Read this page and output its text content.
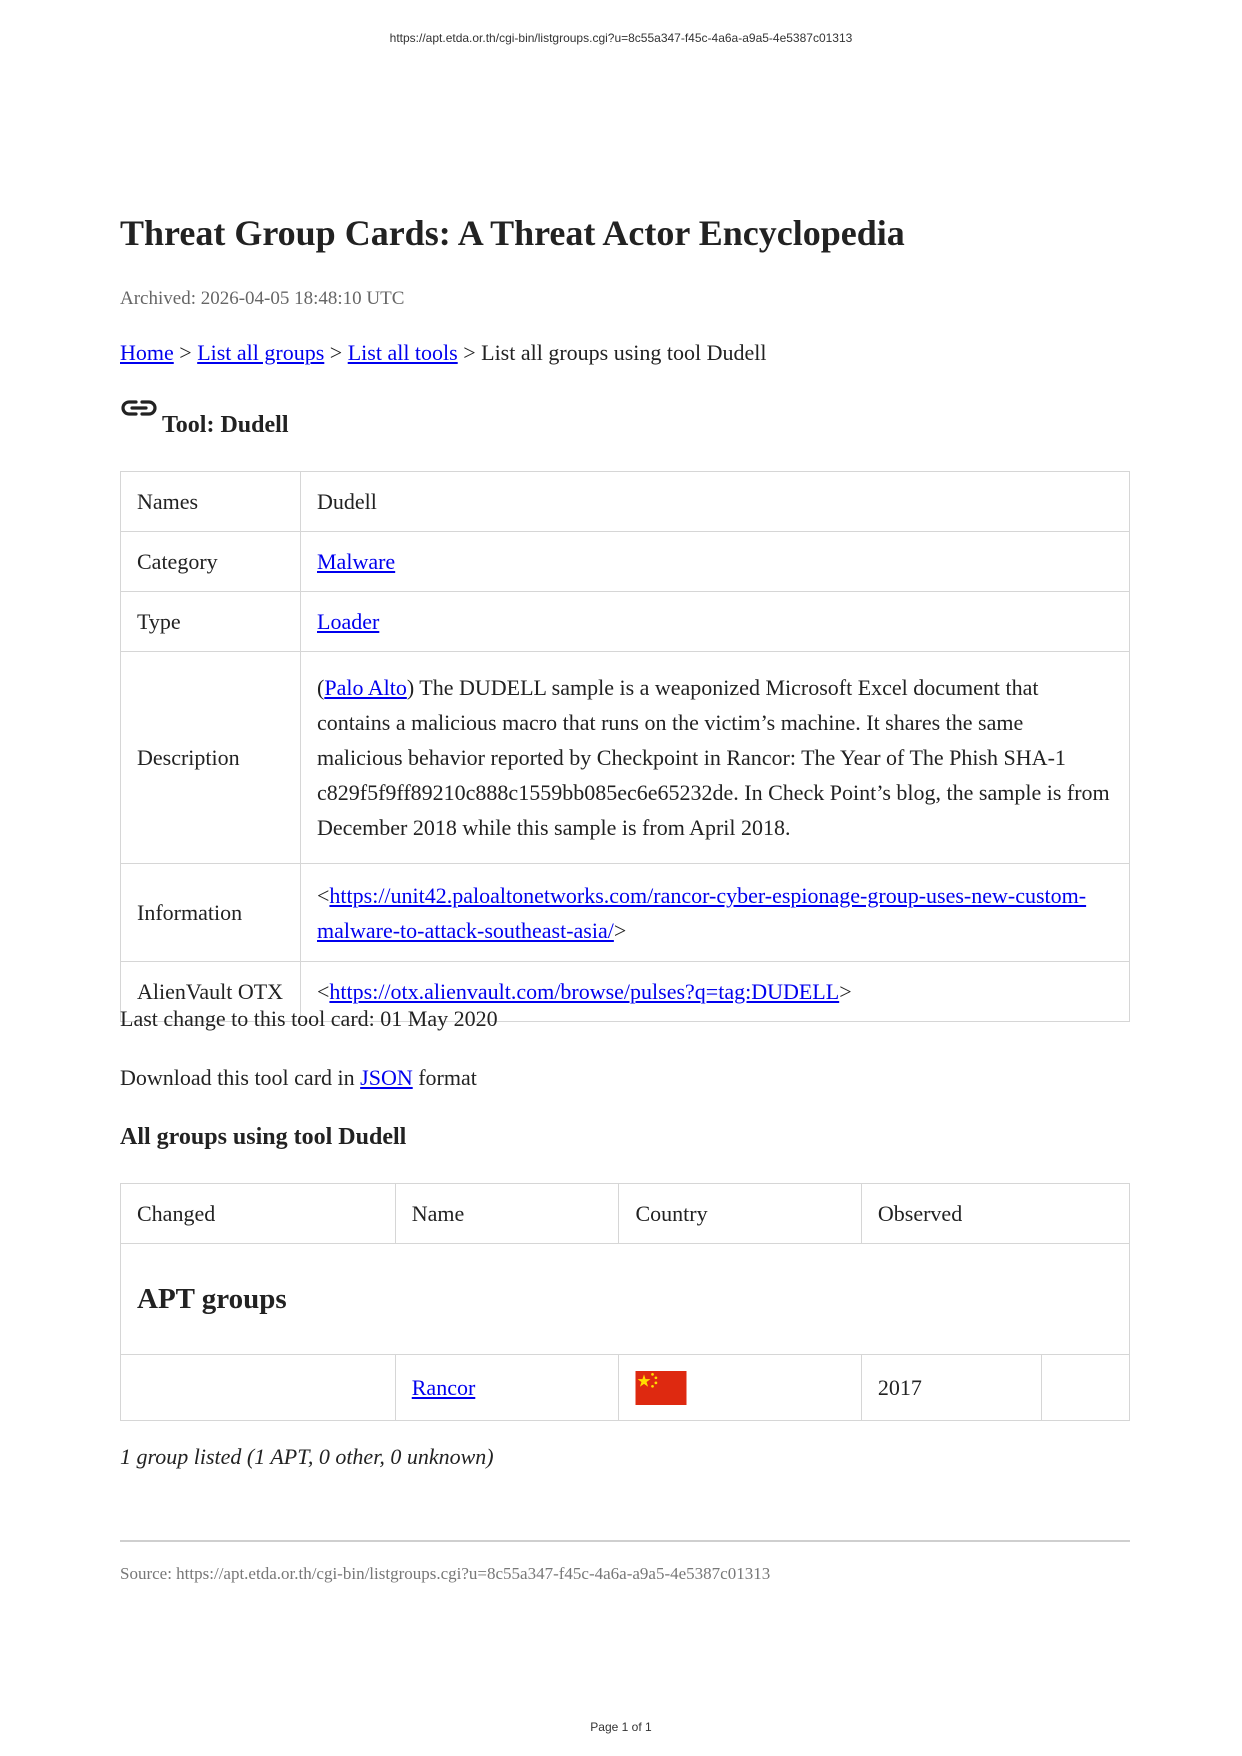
https://apt.etda.or.th/cgi-bin/listgroups.cgi?u=8c55a347-f45c-4a6a-a9a5-4e5387c01313
Threat Group Cards: A Threat Actor Encyclopedia
Archived: 2026-04-05 18:48:10 UTC
Home > List all groups > List all tools > List all groups using tool Dudell
Tool: Dudell
Names	Dudell
Category	Malware
Type	Loader
Description	(Palo Alto) The DUDELL sample is a weaponized Microsoft Excel document that contains a malicious macro that runs on the victim’s machine. It shares the same malicious behavior reported by Checkpoint in Rancor: The Year of The Phish SHA-1 c829f5f9ff89210c888c1559bb085ec6e65232de. In Check Point’s blog, the sample is from December 2018 while this sample is from April 2018.
Information	<https://unit42.paloaltonetworks.com/rancor-cyber-espionage-group-uses-new-custom-malware-to-attack-southeast-asia/>
AlienVault OTX	<https://otx.alienvault.com/browse/pulses?q=tag:DUDELL>
Last change to this tool card: 01 May 2020
Download this tool card in JSON format
All groups using tool Dudell
Changed	Name	Country	Observed	
APT groups				
	Rancor		2017	
1 group listed (1 APT, 0 other, 0 unknown)
Source: https://apt.etda.or.th/cgi-bin/listgroups.cgi?u=8c55a347-f45c-4a6a-a9a5-4e5387c01313
Page 1 of 1
